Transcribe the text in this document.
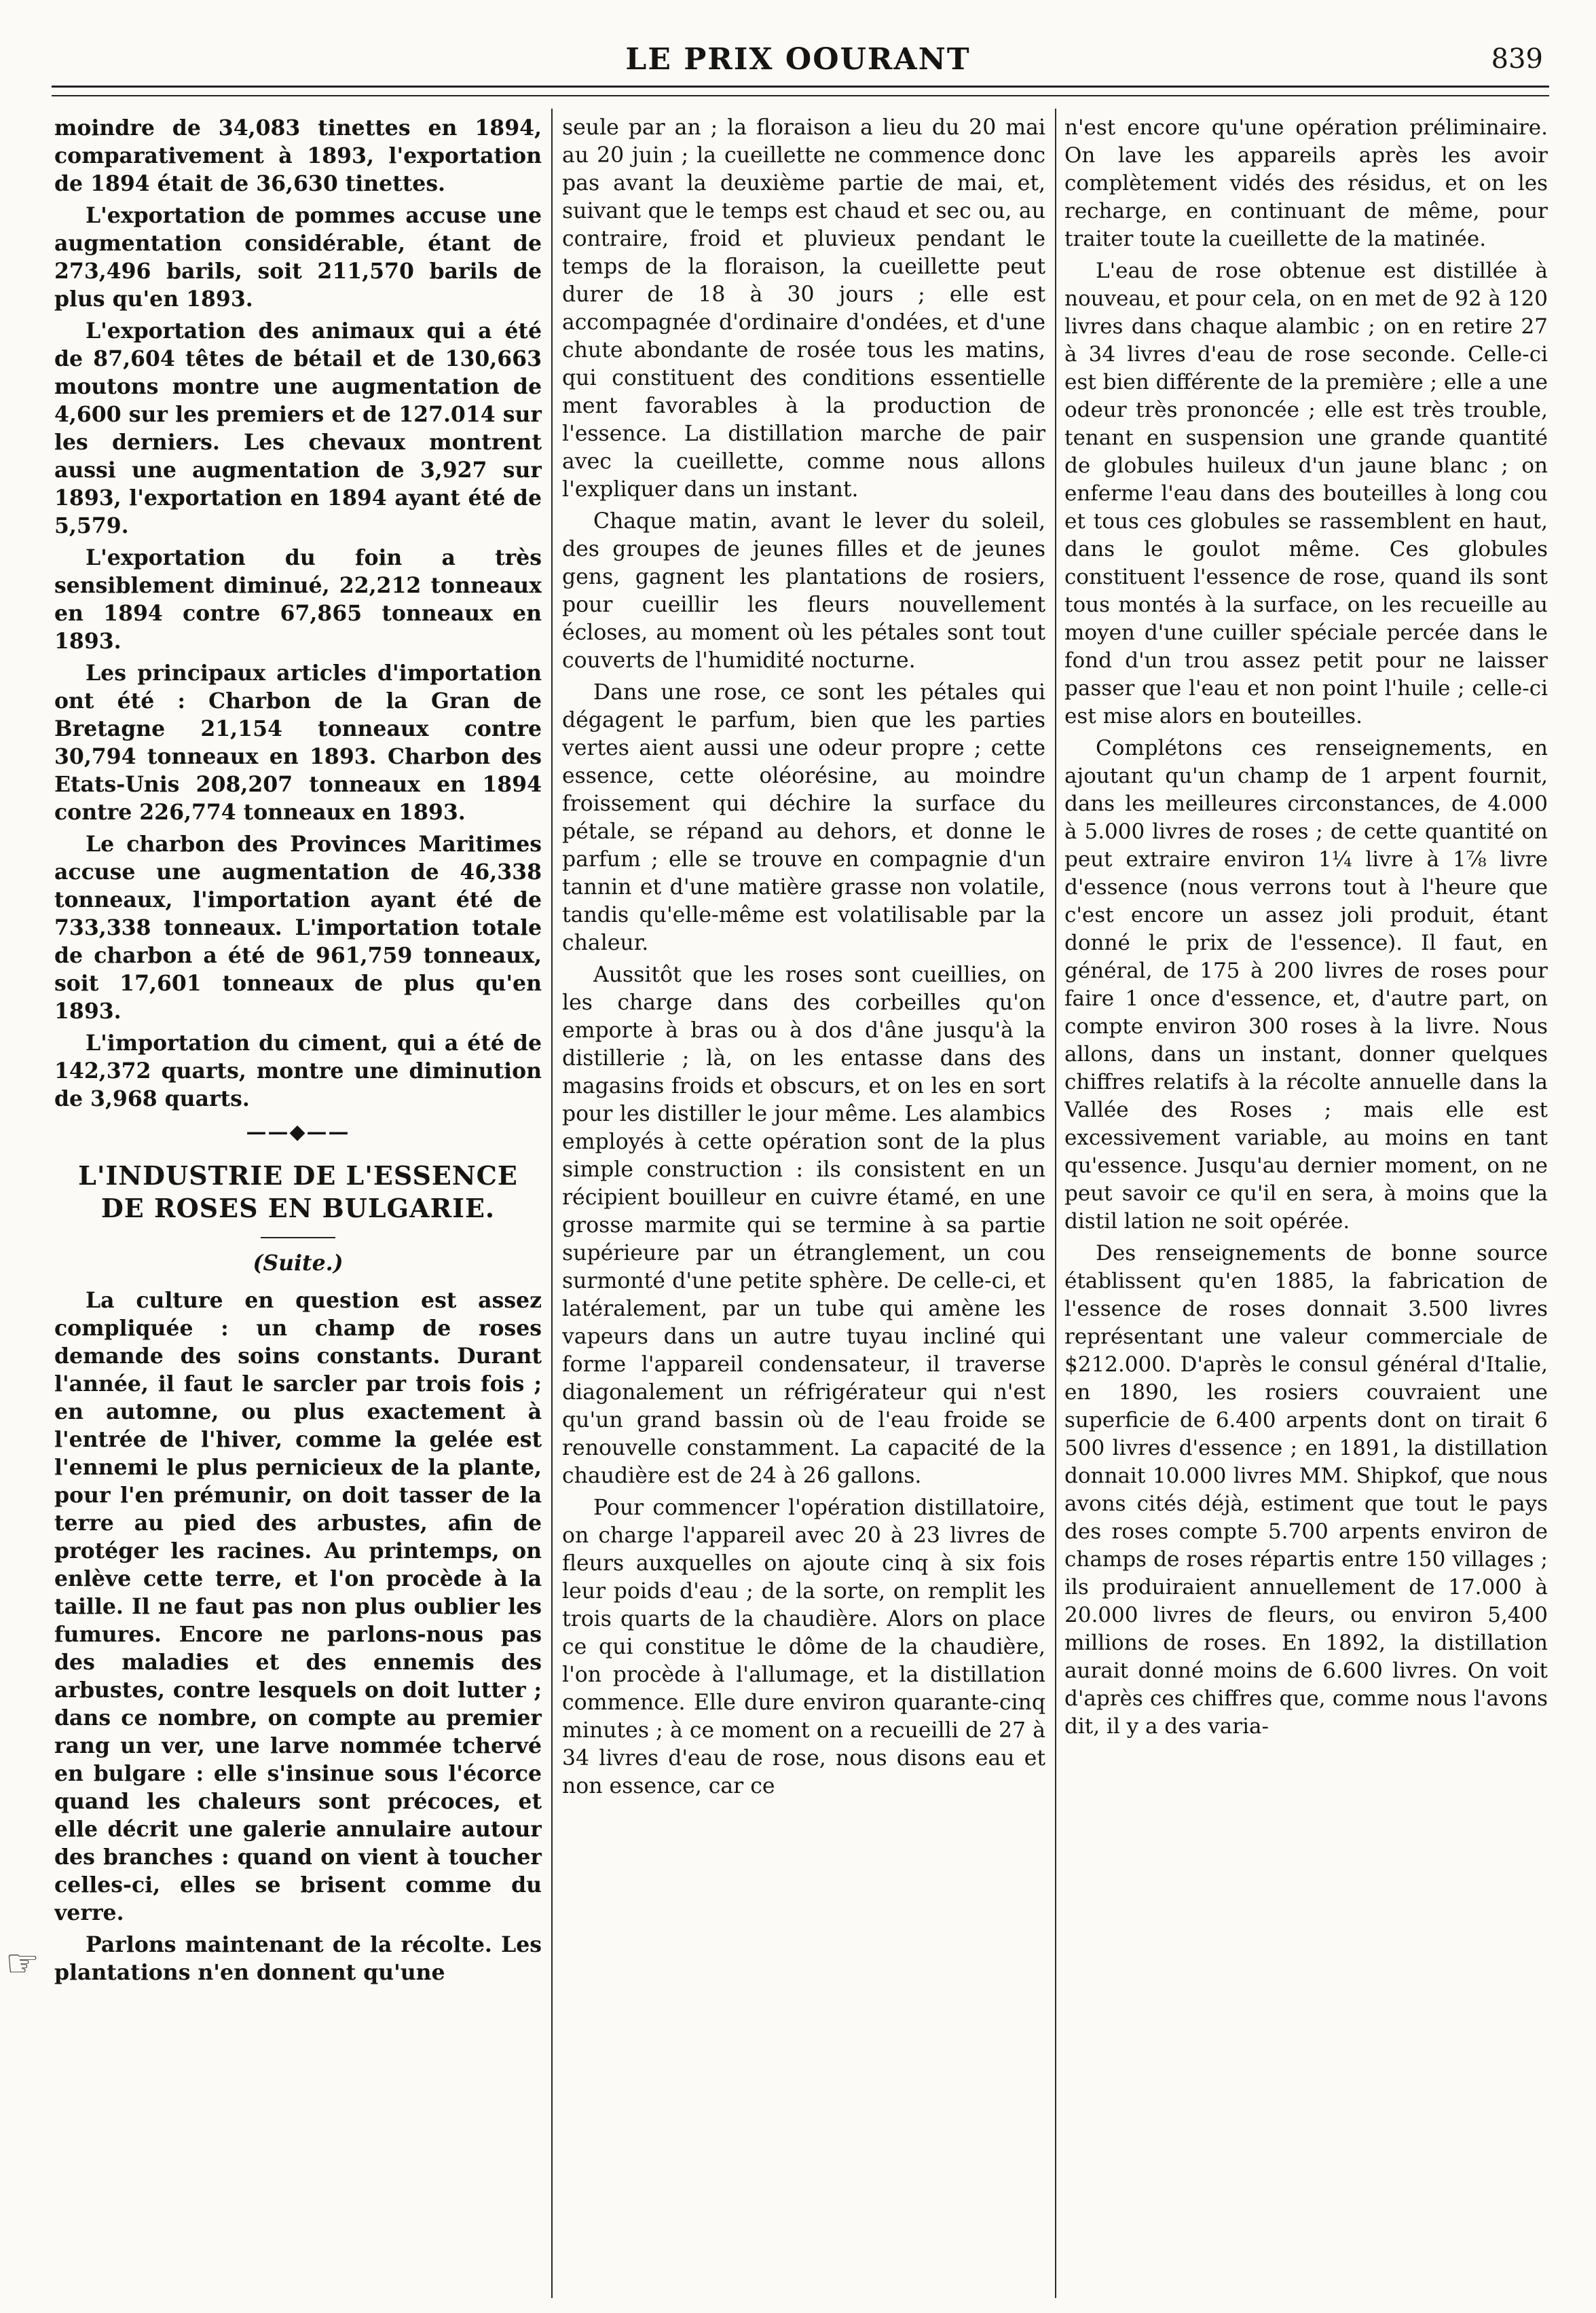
LE PRIX OOURANT	839
☞

moindre de 34,083 tinettes en 1894, comparativement à 1893, l'exportation de 1894 était de 36,630 tinettes.

L'exportation de pommes accuse une augmentation considérable, étant de 273,496 barils, soit 211,570 barils de plus qu'en 1893.

L'exportation des animaux qui a été de 87,604 têtes de bétail et de 130,663 moutons montre une augmentation de 4,600 sur les premiers et de 127.014 sur les derniers. Les chevaux montrent aussi une augmentation de 3,927 sur 1893, l'exportation en 1894 ayant été de 5,579.

L'exportation du foin a très sensiblement diminué, 22,212 tonneaux en 1894 contre 67,865 tonneaux en 1893.

Les principaux articles d'importation ont été : Charbon de la Gran de Bretagne 21,154 tonneaux contre 30,794 tonneaux en 1893. Charbon des Etats-Unis 208,207 tonneaux en 1894 contre 226,774 tonneaux en 1893.

Le charbon des Provinces Maritimes accuse une augmentation de 46,338 tonneaux, l'importation ayant été de 733,338 tonneaux. L'importation totale de charbon a été de 961,759 tonneaux, soit 17,601 tonneaux de plus qu'en 1893.

L'importation du ciment, qui a été de 142,372 quarts, montre une diminution de 3,968 quarts.

——◆——
L'INDUSTRIE DE L'ESSENCE DE ROSES EN BULGARIE.
(Suite.)

La culture en question est assez compliquée : un champ de roses demande des soins constants. Durant l'année, il faut le sarcler par trois fois ; en automne, ou plus exactement à l'entrée de l'hiver, comme la gelée est l'ennemi le plus pernicieux de la plante, pour l'en prémunir, on doit tasser de la terre au pied des arbustes, afin de protéger les racines. Au printemps, on enlève cette terre, et l'on procède à la taille. Il ne faut pas non plus oublier les fumures. Encore ne parlons-nous pas des maladies et des ennemis des arbustes, contre lesquels on doit lutter ; dans ce nombre, on compte au premier rang un ver, une larve nommée tchervé en bulgare : elle s'insinue sous l'écorce quand les chaleurs sont précoces, et elle décrit une galerie annulaire autour des branches : quand on vient à toucher celles-ci, elles se brisent comme du verre.

Parlons maintenant de la récolte. Les plantations n'en donnent qu'une

seule par an ; la floraison a lieu du 20 mai au 20 juin ; la cueillette ne commence donc pas avant la deuxième partie de mai, et, suivant que le temps est chaud et sec ou, au contraire, froid et pluvieux pendant le temps de la floraison, la cueillette peut durer de 18 à 30 jours ; elle est accompagnée d'ordinaire d'ondées, et d'une chute abondante de rosée tous les matins, qui constituent des conditions essentielle ment favorables à la production de l'essence. La distillation marche de pair avec la cueillette, comme nous allons l'expliquer dans un instant.

Chaque matin, avant le lever du soleil, des groupes de jeunes filles et de jeunes gens, gagnent les plantations de rosiers, pour cueillir les fleurs nouvellement écloses, au moment où les pétales sont tout couverts de l'humidité nocturne.

Dans une rose, ce sont les pétales qui dégagent le parfum, bien que les parties vertes aient aussi une odeur propre ; cette essence, cette oléorésine, au moindre froissement qui déchire la surface du pétale, se répand au dehors, et donne le parfum ; elle se trouve en compagnie d'un tannin et d'une matière grasse non volatile, tandis qu'elle-même est volatilisable par la chaleur.

Aussitôt que les roses sont cueillies, on les charge dans des corbeilles qu'on emporte à bras ou à dos d'âne jusqu'à la distillerie ; là, on les entasse dans des magasins froids et obscurs, et on les en sort pour les distiller le jour même. Les alambics employés à cette opération sont de la plus simple construction : ils consistent en un récipient bouilleur en cuivre étamé, en une grosse marmite qui se termine à sa partie supérieure par un étranglement, un cou surmonté d'une petite sphère. De celle-ci, et latéralement, par un tube qui amène les vapeurs dans un autre tuyau incliné qui forme l'appareil condensateur, il traverse diagonalement un réfrigérateur qui n'est qu'un grand bassin où de l'eau froide se renouvelle constamment. La capacité de la chaudière est de 24 à 26 gallons.

Pour commencer l'opération distillatoire, on charge l'appareil avec 20 à 23 livres de fleurs auxquelles on ajoute cinq à six fois leur poids d'eau ; de la sorte, on remplit les trois quarts de la chaudière. Alors on place ce qui constitue le dôme de la chaudière, l'on procède à l'allumage, et la distillation commence. Elle dure environ quarante-cinq minutes ; à ce moment on a recueilli de 27 à 34 livres d'eau de rose, nous disons eau et non essence, car ce

n'est encore qu'une opération préliminaire. On lave les appareils après les avoir complètement vidés des résidus, et on les recharge, en continuant de même, pour traiter toute la cueillette de la matinée.

L'eau de rose obtenue est distillée à nouveau, et pour cela, on en met de 92 à 120 livres dans chaque alambic ; on en retire 27 à 34 livres d'eau de rose seconde. Celle-ci est bien différente de la première ; elle a une odeur très prononcée ; elle est très trouble, tenant en suspension une grande quantité de globules huileux d'un jaune blanc ; on enferme l'eau dans des bouteilles à long cou et tous ces globules se rassemblent en haut, dans le goulot même. Ces globules constituent l'essence de rose, quand ils sont tous montés à la surface, on les recueille au moyen d'une cuiller spéciale percée dans le fond d'un trou assez petit pour ne laisser passer que l'eau et non point l'huile ; celle-ci est mise alors en bouteilles.

Complétons ces renseignements, en ajoutant qu'un champ de 1 arpent fournit, dans les meilleures circonstances, de 4.000 à 5.000 livres de roses ; de cette quantité on peut extraire environ 1¼ livre à 1⅞ livre d'essence (nous verrons tout à l'heure que c'est encore un assez joli produit, étant donné le prix de l'essence). Il faut, en général, de 175 à 200 livres de roses pour faire 1 once d'essence, et, d'autre part, on compte environ 300 roses à la livre. Nous allons, dans un instant, donner quelques chiffres relatifs à la récolte annuelle dans la Vallée des Roses ; mais elle est excessivement variable, au moins en tant qu'essence. Jusqu'au dernier moment, on ne peut savoir ce qu'il en sera, à moins que la distil lation ne soit opérée.

Des renseignements de bonne source établissent qu'en 1885, la fabrication de l'essence de roses donnait 3.500 livres représentant une valeur commerciale de $212.000. D'après le consul général d'Italie, en 1890, les rosiers couvraient une superficie de 6.400 arpents dont on tirait 6 500 livres d'essence ; en 1891, la distillation donnait 10.000 livres MM. Shipkof, que nous avons cités déjà, estiment que tout le pays des roses compte 5.700 arpents environ de champs de roses répartis entre 150 villages ; ils produiraient annuellement de 17.000 à 20.000 livres de fleurs, ou environ 5,400 millions de roses. En 1892, la distillation aurait donné moins de 6.600 livres. On voit d'après ces chiffres que, comme nous l'avons dit, il y a des varia-
